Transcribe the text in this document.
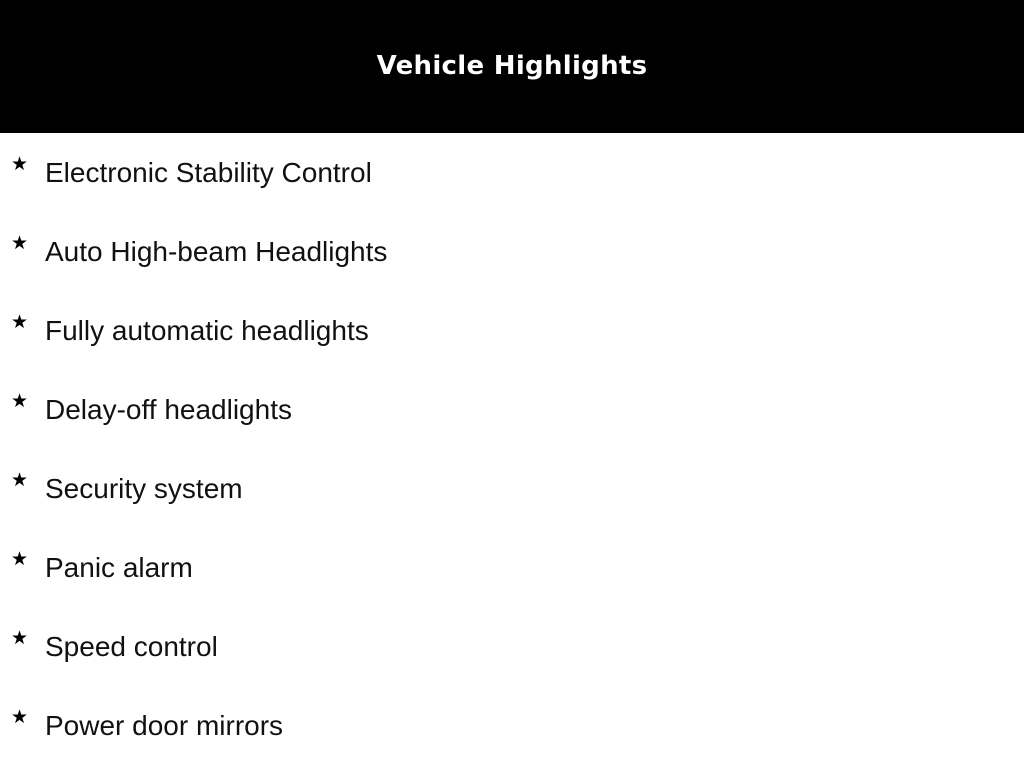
Vehicle Highlights
★ Electronic Stability Control
★ Auto High-beam Headlights
★ Fully automatic headlights
★ Delay-off headlights
★ Security system
★ Panic alarm
★ Speed control
★ Power door mirrors
